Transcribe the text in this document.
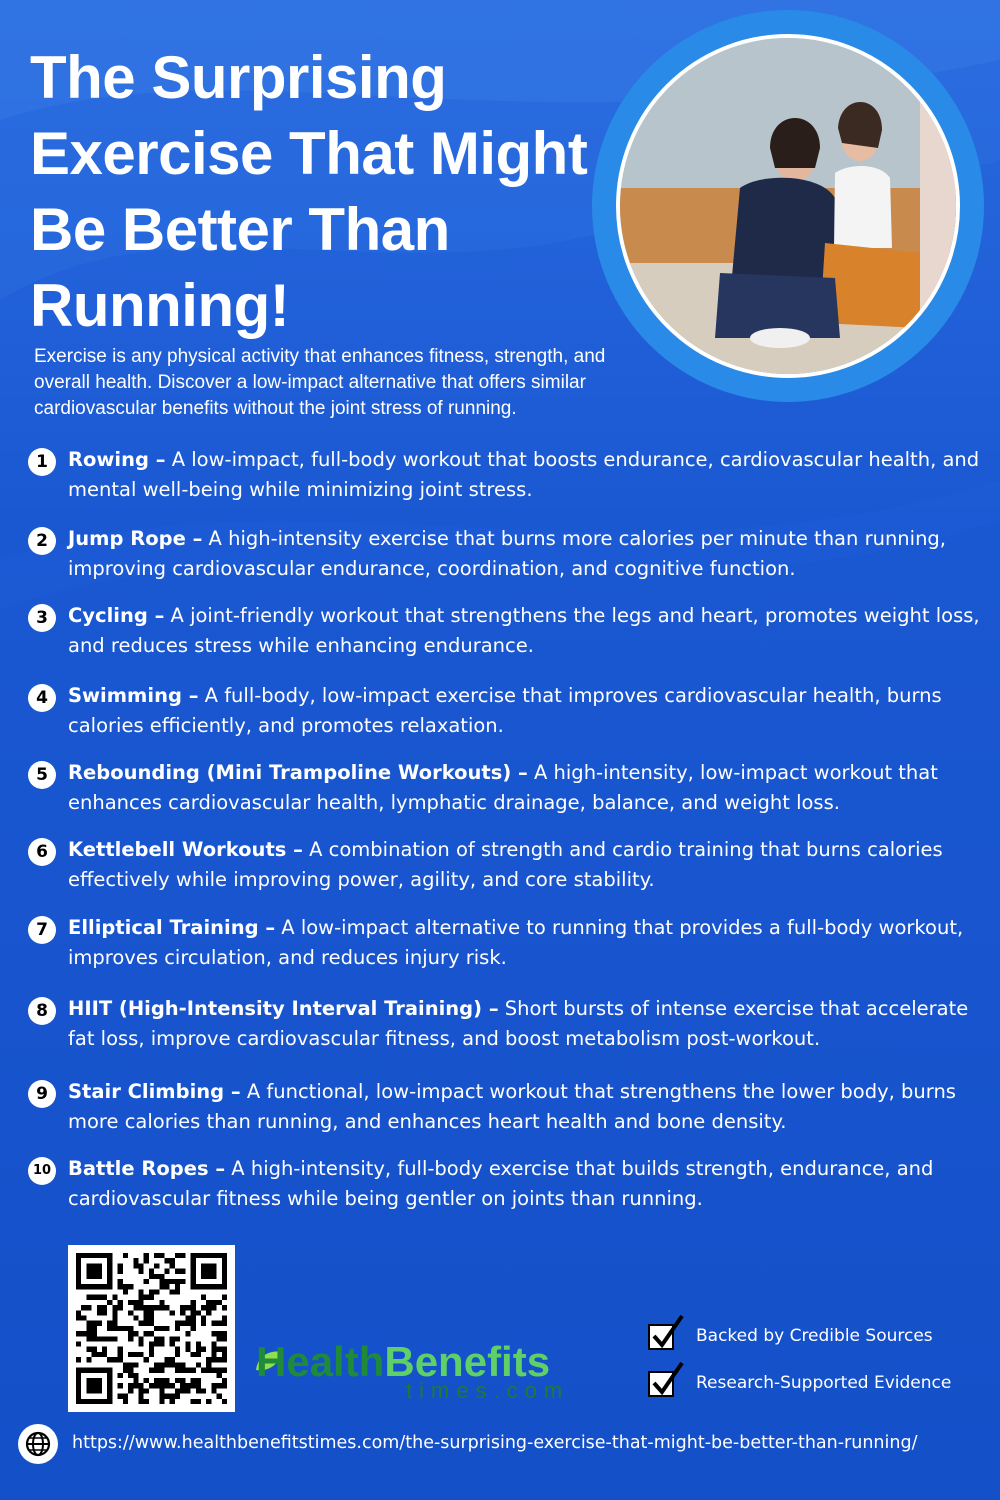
The Surprising Exercise That Might Be Better Than Running!
Exercise is any physical activity that enhances fitness, strength, and overall health. Discover a low-impact alternative that offers similar cardiovascular benefits without the joint stress of running.
1	Rowing – A low-impact, full-body workout that boosts endurance, cardiovascular health, and mental well-being while minimizing joint stress.
2	Jump Rope – A high-intensity exercise that burns more calories per minute than running, improving cardiovascular endurance, coordination, and cognitive function.
3	Cycling – A joint-friendly workout that strengthens the legs and heart, promotes weight loss, and reduces stress while enhancing endurance.
4	Swimming – A full-body, low-impact exercise that improves cardiovascular health, burns calories efficiently, and promotes relaxation.
5	Rebounding (Mini Trampoline Workouts) – A high-intensity, low-impact workout that enhances cardiovascular health, lymphatic drainage, balance, and weight loss.
6	Kettlebell Workouts – A combination of strength and cardio training that burns calories effectively while improving power, agility, and core stability.
7	Elliptical Training – A low-impact alternative to running that provides a full-body workout, improves circulation, and reduces injury risk.
8	HIIT (High-Intensity Interval Training) – Short bursts of intense exercise that accelerate fat loss, improve cardiovascular fitness, and boost metabolism post-workout.
9	Stair Climbing – A functional, low-impact workout that strengthens the lower body, burns more calories than running, and enhances heart health and bone density.
10 Battle Ropes – A high-intensity, full-body exercise that builds strength, endurance, and cardiovascular fitness while being gentler on joints than running.
HealthBenefits
times.com
Backed by Credible Sources
Research-Supported Evidence
https://www.healthbenefitstimes.com/the-surprising-exercise-that-might-be-better-than-running/
